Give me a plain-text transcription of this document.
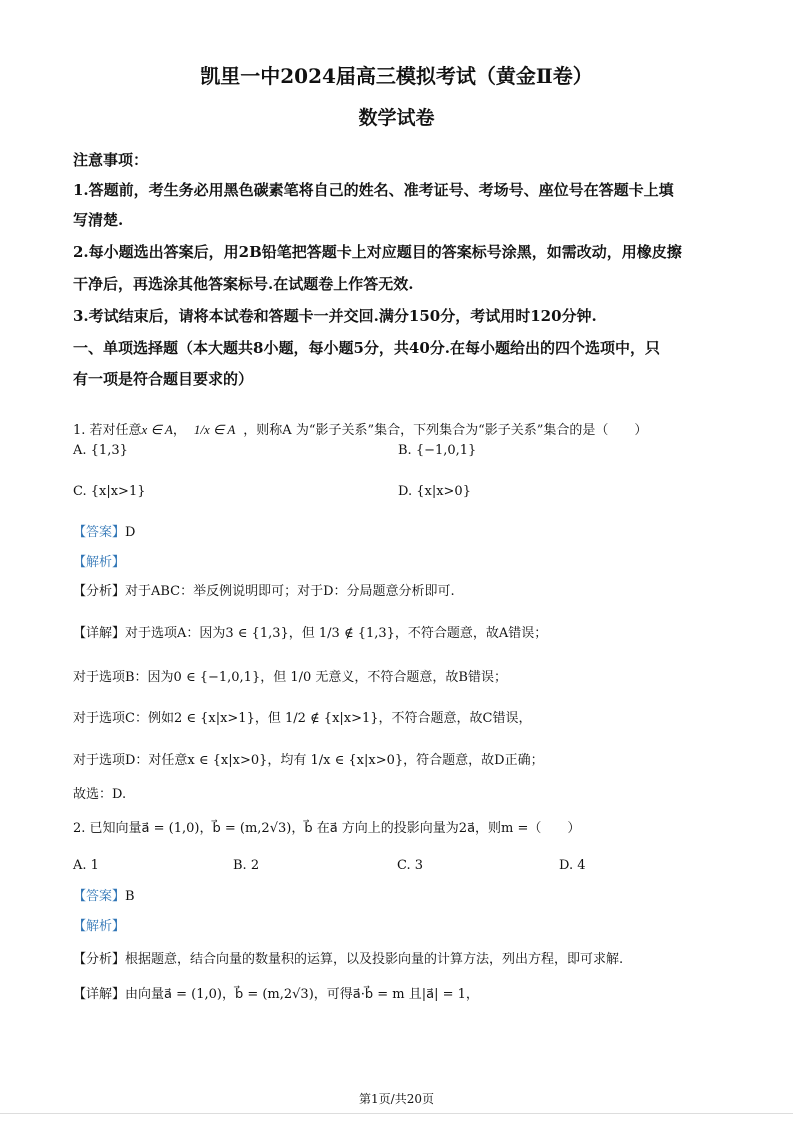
凯里一中2024届高三模拟考试（黄金Ⅱ卷）
数学试卷
注意事项：
1.答题前，考生务必用黑色碳素笔将自己的姓名、准考证号、考场号、座位号在答题卡上填
写清楚.
2.每小题选出答案后，用2B铅笔把答题卡上对应题目的答案标号涂黑，如需改动，用橡皮擦
干净后，再选涂其他答案标号.在试题卷上作答无效.
3.考试结束后，请将本试卷和答题卡一并交回.满分150分，考试用时120分钟.
一、单项选择题（本大题共8小题，每小题5分，共40分.在每小题给出的四个选项中，只
有一项是符合题目要求的）
1. 若对任意x ∈ A， 1/x ∈ A ，则称A 为“影子关系”集合，下列集合为“影子关系”集合的是（　　）
A. {1,3}	B. {−1,0,1}
C. {x|x>1}	D. {x|x>0}
【答案】D
【解析】
【分析】对于ABC：举反例说明即可；对于D：分局题意分析即可.
【详解】对于选项A：因为3 ∈ {1,3}，但 1/3 ∉ {1,3}，不符合题意，故A错误；
对于选项B：因为0 ∈ {−1,0,1}，但 1/0 无意义，不符合题意，故B错误；
对于选项C：例如2 ∈ {x|x>1}，但 1/2 ∉ {x|x>1}，不符合题意，故C错误，
对于选项D：对任意x ∈ {x|x>0}，均有 1/x ∈ {x|x>0}，符合题意，故D正确；
故选：D.
2. 已知向量a⃗ = (1,0)，b⃗ = (m,2√3)，b⃗ 在a⃗ 方向上的投影向量为2a⃗，则m =（　　）
A. 1	B. 2	C. 3	D. 4
【答案】B
【解析】
【分析】根据题意，结合向量的数量积的运算，以及投影向量的计算方法，列出方程，即可求解.
【详解】由向量a⃗ = (1,0)，b⃗ = (m,2√3)，可得a⃗·b⃗ = m 且|a⃗| = 1，
第1页/共20页
